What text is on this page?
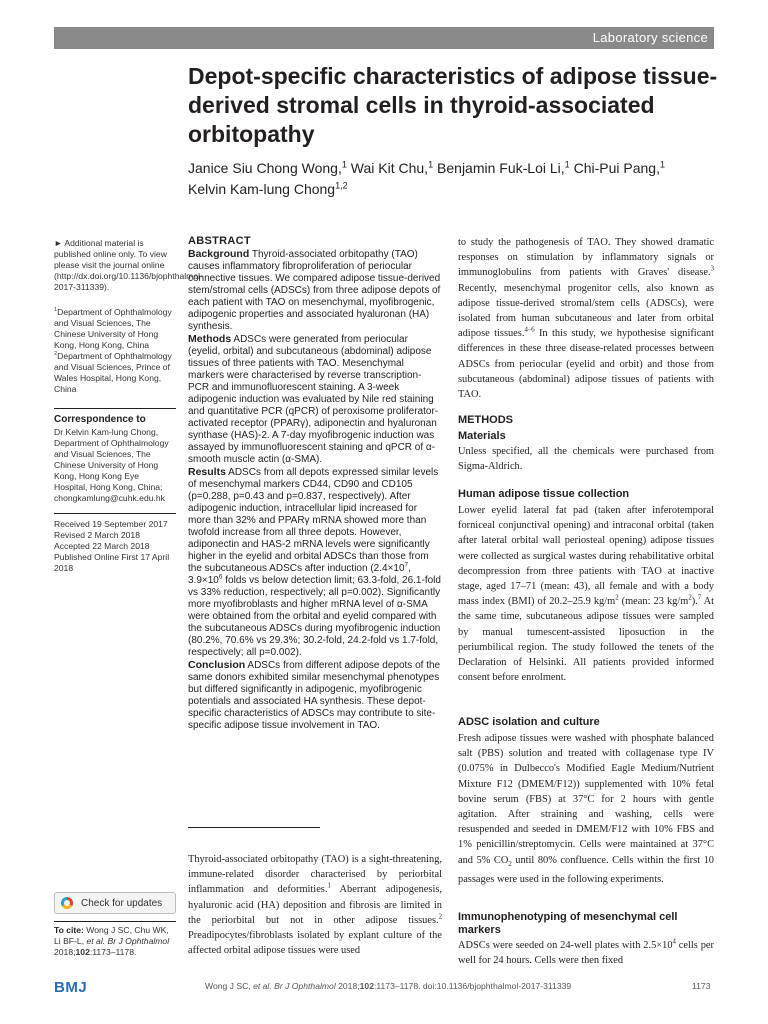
Laboratory science
Depot-specific characteristics of adipose tissue-derived stromal cells in thyroid-associated orbitopathy
Janice Siu Chong Wong,$^1$ Wai Kit Chu,$^1$ Benjamin Fuk-Loi Li,$^1$ Chi-Pui Pang,$^1$
Kelvin Kam-lung Chong$^{1,2}$
► Additional material is published online only. To view please visit the journal online (http://dx.doi.org/10.1136/bjophthalmol-2017-311339).

$^1$Department of Ophthalmology and Visual Sciences, The Chinese University of Hong Kong, Hong Kong, China

$^2$Department of Ophthalmology and Visual Sciences, Prince of Wales Hospital, Hong Kong, China

Correspondence to
Dr Kelvin Kam-lung Chong, Department of Ophthalmology and Visual Sciences, The Chinese University of Hong Kong, Hong Kong Eye Hospital, Hong Kong, China; chongkamlung@cuhk.edu.hk

Received 19 September 2017

Revised 2 March 2018

Accepted 22 March 2018

Published Online First 17 April 2018

ABSTRACT

Background Thyroid-associated orbitopathy (TAO) causes inflammatory fibroproliferation of periocular connective tissues. We compared adipose tissue-derived stem/stromal cells (ADSCs) from three adipose depots of each patient with TAO on mesenchymal, myofibrogenic, adipogenic properties and associated hyaluronan (HA) synthesis.

Methods ADSCs were generated from periocular (eyelid, orbital) and subcutaneous (abdominal) adipose tissues of three patients with TAO. Mesenchymal markers were characterised by reverse transcription-PCR and immunofluorescent staining. A 3-week adipogenic induction was evaluated by Nile red staining and quantitative PCR (qPCR) of peroxisome proliferator-activated receptor (PPARγ), adiponectin and hyaluronan synthase (HAS)-2. A 7-day myofibrogenic induction was assayed by immunofluorescent staining and qPCR of α-smooth muscle actin (α-SMA).

Results ADSCs from all depots expressed similar levels of mesenchymal markers CD44, CD90 and CD105 (p=0.288, p=0.43 and p=0.837, respectively). After adipogenic induction, intracellular lipid increased for more than 32% and PPARγ mRNA showed more than twofold increase from all three depots. However, adiponectin and HAS-2 mRNA levels were significantly higher in the eyelid and orbital ADSCs than those from the subcutaneous ADSCs after induction ($2.4\times 10^7$, $3.9\times 10^6$ folds vs below detection limit; 63.3-fold, 26.1-fold vs 33% reduction, respectively; all p=0.002). Significantly more myofibroblasts and higher mRNA level of α-SMA were obtained from the orbital and eyelid compared with the subcutaneous ADSCs during myofibrogenic induction (80.2%, 70.6% vs 29.3%; 30.2-fold, 24.2-fold vs 1.7-fold, respectively; all p=0.002).

Conclusion ADSCs from different adipose depots of the same donors exhibited similar mesenchymal phenotypes but differed significantly in adipogenic, myofibrogenic potentials and associated HA synthesis. These depot-specific characteristics of ADSCs may contribute to site-specific adipose tissue involvement in TAO.

Thyroid-associated orbitopathy (TAO) is a sight-threatening, immune-related disorder characterised by periorbital inflammation and deformities.$^1$ Aberrant adipogenesis, hyaluronic acid (HA) deposition and fibrosis are limited in the periorbital but not in other adipose tissues.$^2$ Preadipocytes/fibroblasts isolated by explant culture of the affected orbital adipose tissues were used
to study the pathogenesis of TAO. They showed dramatic responses on stimulation by inflammatory signals or immunoglobulins from patients with Graves' disease.$^3$ Recently, mesenchymal progenitor cells, also known as adipose tissue-derived stromal/stem cells (ADSCs), were isolated from human subcutaneous and later from orbital adipose tissues.$^{4-6}$ In this study, we hypothesise significant differences in these three disease-related processes between ADSCs from periocular (eyelid and orbit) and those from subcutaneous (abdominal) adipose tissues of patients with TAO.
METHODS
Materials
Unless specified, all the chemicals were purchased from Sigma-Aldrich.
Human adipose tissue collection
Lower eyelid lateral fat pad (taken after inferotemporal forniceal conjunctival opening) and intraconal orbital (taken after lateral orbital wall periosteal opening) adipose tissues were collected as surgical wastes during rehabilitative orbital decompression from three patients with TAO at inactive stage, aged 17–71 (mean: 43), all female and with a body mass index (BMI) of 20.2–25.9 $kg/m^2$ (mean: 23 $kg/m^2).^7$ At the same time, subcutaneous adipose tissues were sampled by manual tumescent-assisted liposuction in the periumbilical region. The study followed the tenets of the Declaration of Helsinki. All patients provided informed consent before enrolment.
ADSC isolation and culture
Fresh adipose tissues were washed with phosphate balanced salt (PBS) solution and treated with collagenase type IV (0.075% in Dulbecco's Modified Eagle Medium/Nutrient Mixture F12 (DMEM/F12)) supplemented with 10% fetal bovine serum (FBS) at 37°C for 2 hours with gentle agitation. After straining and washing, cells were resuspended and seeded in DMEM/F12 with 10% FBS and 1% penicillin/streptomycin. Cells were maintained at 37°C and 5% $CO_2$ until 80% confluence. Cells within the first 10 passages were used in the following experiments.
Immunophenotyping of mesenchymal cell markers
ADSCs were seeded on 24-well plates with $2.5\times 10^4$ cells per well for 24 hours. Cells were then fixed
Check for updates
To cite: Wong J SC, Chu WK, Li BF-L, et al. Br J Ophthalmol 2018;102:1173–1178.
BMJ	Wong J SC, et al. Br J Ophthalmol 2018;102:1173–1178. doi:10.1136/bjophthalmol-2017-311339	1173
